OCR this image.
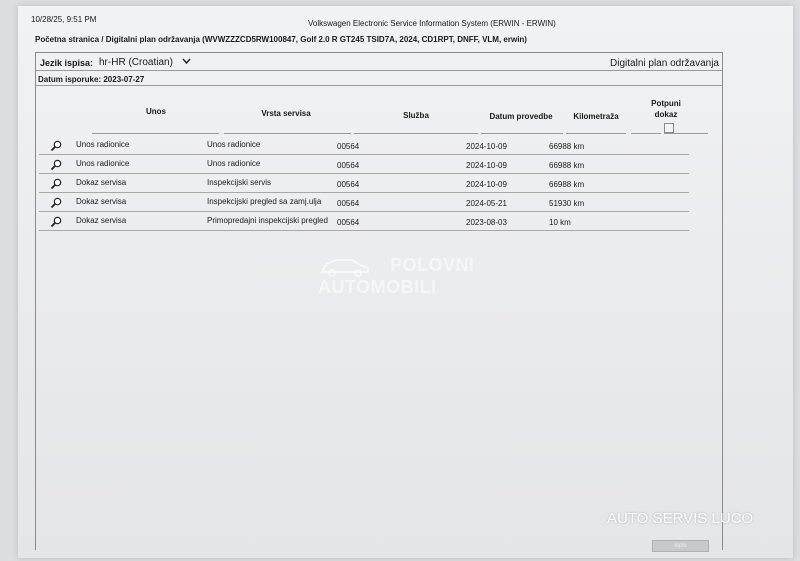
10/28/25, 9:51 PM	Volkswagen Electronic Service Information System (ERWIN - ERWIN)
Početna stranica / Digitalni plan održavanja (WVWZZZCD5RW100847, Golf 2.0 R GT245 TSID7A, 2024, CD1RPT, DNFF, VLM, erwin)
Jezik ispisa: hr-HR (Croatian)	Digitalni plan održavanja
Datum isporuke: 2023-07-27
Unos	Vrsta servisa	Služba	Datum provedbe	Kilometraža
Potpuni
dokaz
Unos radionice	Unos radionice	00564	2024-10-09	66988 km
Unos radionice	Unos radionice	00564	2024-10-09	66988 km
Dokaz servisa	Inspekcijski servis	00564	2024-10-09	66988 km
Dokaz servisa	Inspekcijski pregled sa zamj.ulja 00564	2024-05-21	51930 km
Dokaz servisa	Primopredajni inspekcijski pregled 00564	2023-08-03	10 km
Ispis
POLOVNI
AUTOMOBILI
AUTO SERVIS LUCO
